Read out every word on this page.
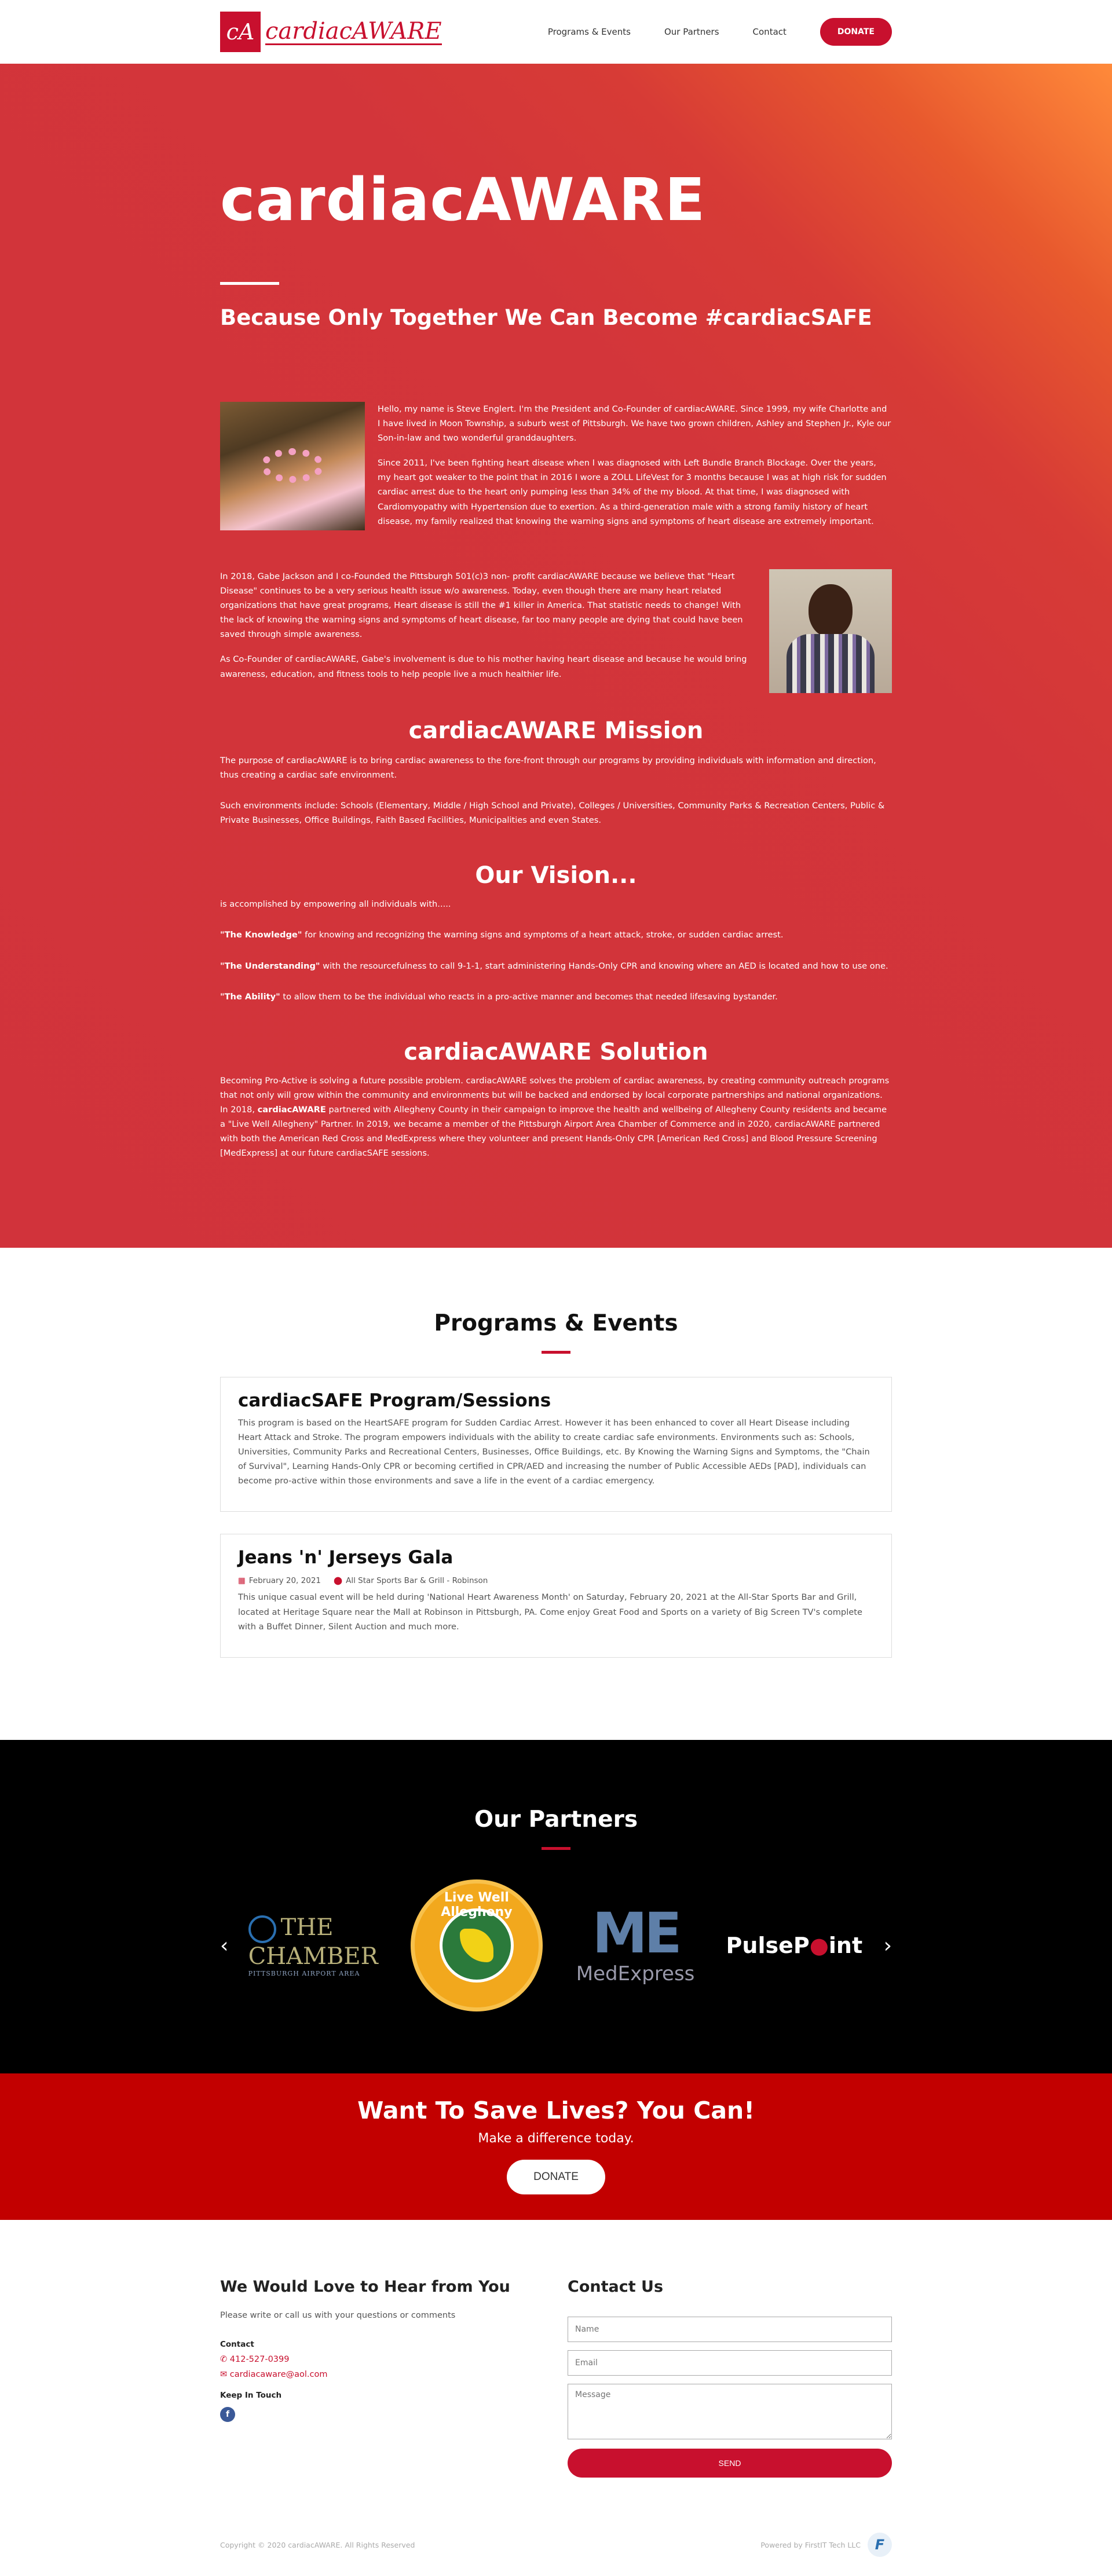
cA cardiacAWARE	Programs & Events	Our Partners	Contact	DONATE
cardiacAWARE
Because Only Together We Can Become #cardiacSAFE

Hello, my name is Steve Englert. I'm the President and Co-Founder of cardiacAWARE. Since 1999, my wife Charlotte and I have lived in Moon Township, a suburb west of Pittsburgh. We have two grown children, Ashley and Stephen Jr., Kyle our Son-in-law and two wonderful granddaughters.

Since 2011, I've been fighting heart disease when I was diagnosed with Left Bundle Branch Blockage. Over the years, my heart got weaker to the point that in 2016 I wore a ZOLL LifeVest for 3 months because I was at high risk for sudden cardiac arrest due to the heart only pumping less than 34% of the my blood. At that time, I was diagnosed with Cardiomyopathy with Hypertension due to exertion. As a third-generation male with a strong family history of heart disease, my family realized that knowing the warning signs and symptoms of heart disease are extremely important.

In 2018, Gabe Jackson and I co-Founded the Pittsburgh 501(c)3 non- profit cardiacAWARE because we believe that "Heart Disease" continues to be a very serious health issue w/o awareness. Today, even though there are many heart related organizations that have great programs, Heart disease is still the #1 killer in America. That statistic needs to change! With the lack of knowing the warning signs and symptoms of heart disease, far too many people are dying that could have been saved through simple awareness.

As Co-Founder of cardiacAWARE, Gabe's involvement is due to his mother having heart disease and because he would bring awareness, education, and fitness tools to help people live a much healthier life.

cardiacAWARE Mission

The purpose of cardiacAWARE is to bring cardiac awareness to the fore-front through our programs by providing individuals with information and direction, thus creating a cardiac safe environment.

Such environments include: Schools (Elementary, Middle / High School and Private), Colleges / Universities, Community Parks & Recreation Centers, Public & Private Businesses, Office Buildings, Faith Based Facilities, Municipalities and even States.

Our Vision...

is accomplished by empowering all individuals with.....

"The Knowledge" for knowing and recognizing the warning signs and symptoms of a heart attack, stroke, or sudden cardiac arrest.

"The Understanding" with the resourcefulness to call 9-1-1, start administering Hands-Only CPR and knowing where an AED is located and how to use one.

"The Ability" to allow them to be the individual who reacts in a pro-active manner and becomes that needed lifesaving bystander.

cardiacAWARE Solution

Becoming Pro-Active is solving a future possible problem. cardiacAWARE solves the problem of cardiac awareness, by creating community outreach programs that not only will grow within the community and environments but will be backed and endorsed by local corporate partnerships and national organizations. In 2018, cardiacAWARE partnered with Allegheny County in their campaign to improve the health and wellbeing of Allegheny County residents and became a "Live Well Allegheny" Partner. In 2019, we became a member of the Pittsburgh Airport Area Chamber of Commerce and in 2020, cardiacAWARE partnered with both the American Red Cross and MedExpress where they volunteer and present Hands-Only CPR [American Red Cross] and Blood Pressure Screening [MedExpress] at our future cardiacSAFE sessions.

Programs & Events
cardiacSAFE Program/Sessions

This program is based on the HeartSAFE program for Sudden Cardiac Arrest. However it has been enhanced to cover all Heart Disease including Heart Attack and Stroke. The program empowers individuals with the ability to create cardiac safe environments. Environments such as: Schools, Universities, Community Parks and Recreational Centers, Businesses, Office Buildings, etc. By Knowing the Warning Signs and Symptoms, the "Chain of Survival", Learning Hands-Only CPR or becoming certified in CPR/AED and increasing the number of Public Accessible AEDs [PAD], individuals can become pro-active within those environments and save a life in the event of a cardiac emergency.

Jeans 'n' Jerseys Gala
▦ February 20, 2021 ⬤ All Star Sports Bar & Grill - Robinson

This unique casual event will be held during 'National Heart Awareness Month' on Saturday, February 20, 2021 at the All-Star Sports Bar and Grill, located at Heritage Square near the Mall at Robinson in Pittsburgh, PA. Come enjoy Great Food and Sports on a variety of Big Screen TV's complete with a Buffet Dinner, Silent Auction and much more.

Our Partners
‹
THE CHAMBER
PITTSBURGH AIRPORT AREA
Live Well Allegheny	ME
MedExpress
PulseP●int ›
Want To Save Lives? You Can!

Make a difference today.

DONATE
We Would Love to Hear from You

Please write or call us with your questions or comments

Contact
✆ 412-527-0399
✉ cardiacaware@aol.com
Keep In Touch
f
Contact Us
Name Email Message SEND
Copyright © 2020 cardiacAWARE. All Rights Reserved	Powered by FirstIT Tech LLC	F
